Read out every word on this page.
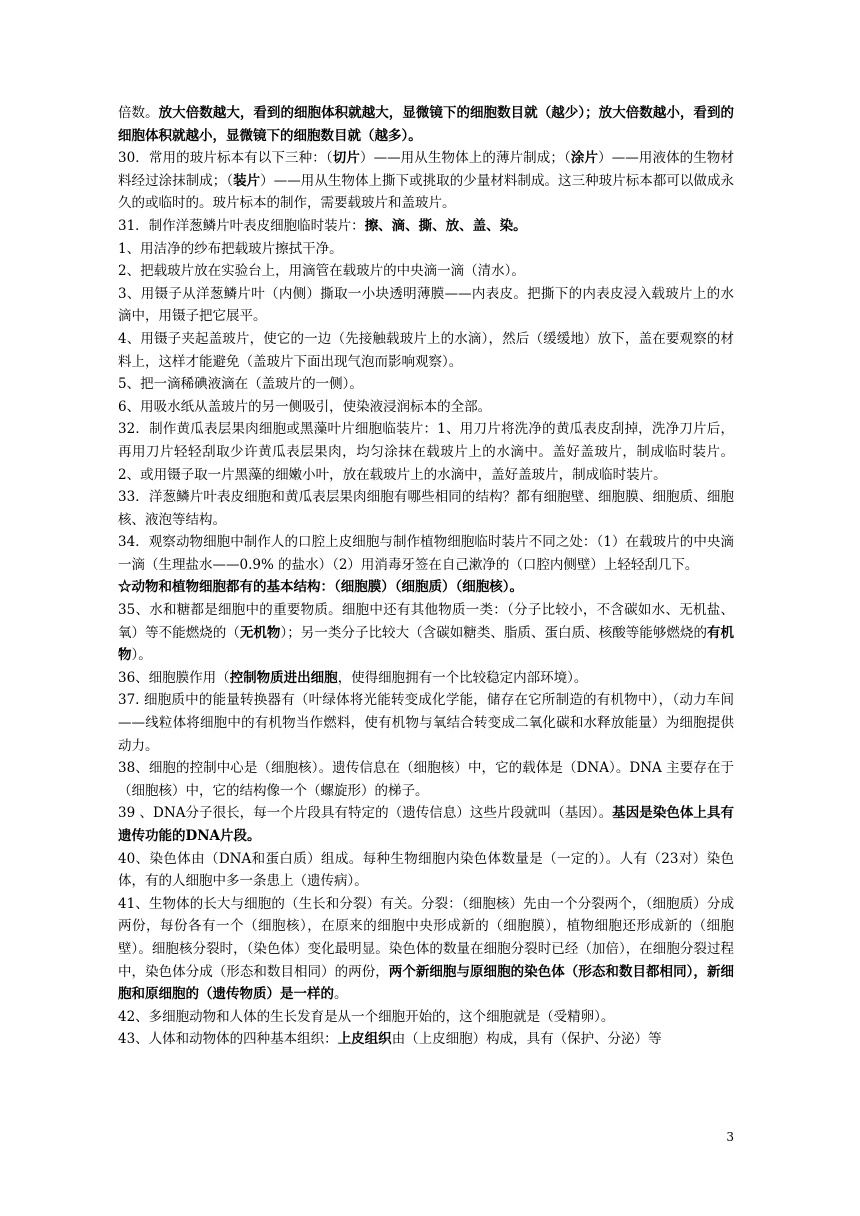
倍数。放大倍数越大，看到的细胞体积就越大，显微镜下的细胞数目就（越少）；放大倍数越小，看到的细胞体积就越小，显微镜下的细胞数目就（越多）。

30．常用的玻片标本有以下三种：（切片）——用从生物体上的薄片制成；（涂片）——用液体的生物材料经过涂抹制成；（装片）——用从生物体上撕下或挑取的少量材料制成。这三种玻片标本都可以做成永久的或临时的。玻片标本的制作，需要载玻片和盖玻片。

31．制作洋葱鳞片叶表皮细胞临时装片：擦、滴、撕、放、盖、染。

1、用洁净的纱布把载玻片擦拭干净。

2、把载玻片放在实验台上，用滴管在载玻片的中央滴一滴（清水）。

3、用镊子从洋葱鳞片叶（内侧）撕取一小块透明薄膜——内表皮。把撕下的内表皮浸入载玻片上的水滴中，用镊子把它展平。

4、用镊子夹起盖玻片，使它的一边（先接触载玻片上的水滴），然后（缓缓地）放下，盖在要观察的材料上，这样才能避免（盖玻片下面出现气泡而影响观察）。

5、把一滴稀碘液滴在（盖玻片的一侧）。

6、用吸水纸从盖玻片的另一侧吸引，使染液浸润标本的全部。

32．制作黄瓜表层果肉细胞或黑藻叶片细胞临装片：1、用刀片将洗净的黄瓜表皮刮掉，洗净刀片后，再用刀片轻轻刮取少许黄瓜表层果肉，均匀涂抹在载玻片上的水滴中。盖好盖玻片，制成临时装片。2、或用镊子取一片黑藻的细嫩小叶，放在载玻片上的水滴中，盖好盖玻片，制成临时装片。

33．洋葱鳞片叶表皮细胞和黄瓜表层果肉细胞有哪些相同的结构？都有细胞壁、细胞膜、细胞质、细胞核、液泡等结构。

34．观察动物细胞中制作人的口腔上皮细胞与制作植物细胞临时装片不同之处：（1）在载玻片的中央滴一滴（生理盐水——0.9% 的盐水）（2）用消毒牙签在自己漱净的（口腔内侧壁）上轻轻刮几下。

☆动物和植物细胞都有的基本结构：（细胞膜）（细胞质）（细胞核）。

35、水和糖都是细胞中的重要物质。细胞中还有其他物质一类：（分子比较小，不含碳如水、无机盐、氧）等不能燃烧的（无机物）；另一类分子比较大（含碳如糖类、脂质、蛋白质、核酸等能够燃烧的有机物）。

36、细胞膜作用（控制物质进出细胞，使得细胞拥有一个比较稳定内部环境）。

37. 细胞质中的能量转换器有（叶绿体将光能转变成化学能，储存在它所制造的有机物中），（动力车间——线粒体将细胞中的有机物当作燃料，使有机物与氧结合转变成二氧化碳和水释放能量）为细胞提供动力。

38、细胞的控制中心是（细胞核）。遗传信息在（细胞核）中，它的载体是（DNA）。DNA 主要存在于（细胞核）中，它的结构像一个（螺旋形）的梯子。

39 、DNA分子很长，每一个片段具有特定的（遗传信息）这些片段就叫（基因）。基因是染色体上具有遗传功能的DNA片段。

40、染色体由（DNA和蛋白质）组成。每种生物细胞内染色体数量是（一定的）。人有（23对）染色体，有的人细胞中多一条患上（遗传病）。

41、生物体的长大与细胞的（生长和分裂）有关。分裂：（细胞核）先由一个分裂两个，（细胞质）分成两份，每份各有一个（细胞核），在原来的细胞中央形成新的（细胞膜），植物细胞还形成新的（细胞壁）。细胞核分裂时，（染色体）变化最明显。染色体的数量在细胞分裂时已经（加倍），在细胞分裂过程中，染色体分成（形态和数目相同）的两份，两个新细胞与原细胞的染色体（形态和数目都相同），新细胞和原细胞的（遗传物质）是一样的。

42、多细胞动物和人体的生长发育是从一个细胞开始的，这个细胞就是（受精卵）。

43、人体和动物体的四种基本组织：上皮组织由（上皮细胞）构成，具有（保护、分泌）等

3
